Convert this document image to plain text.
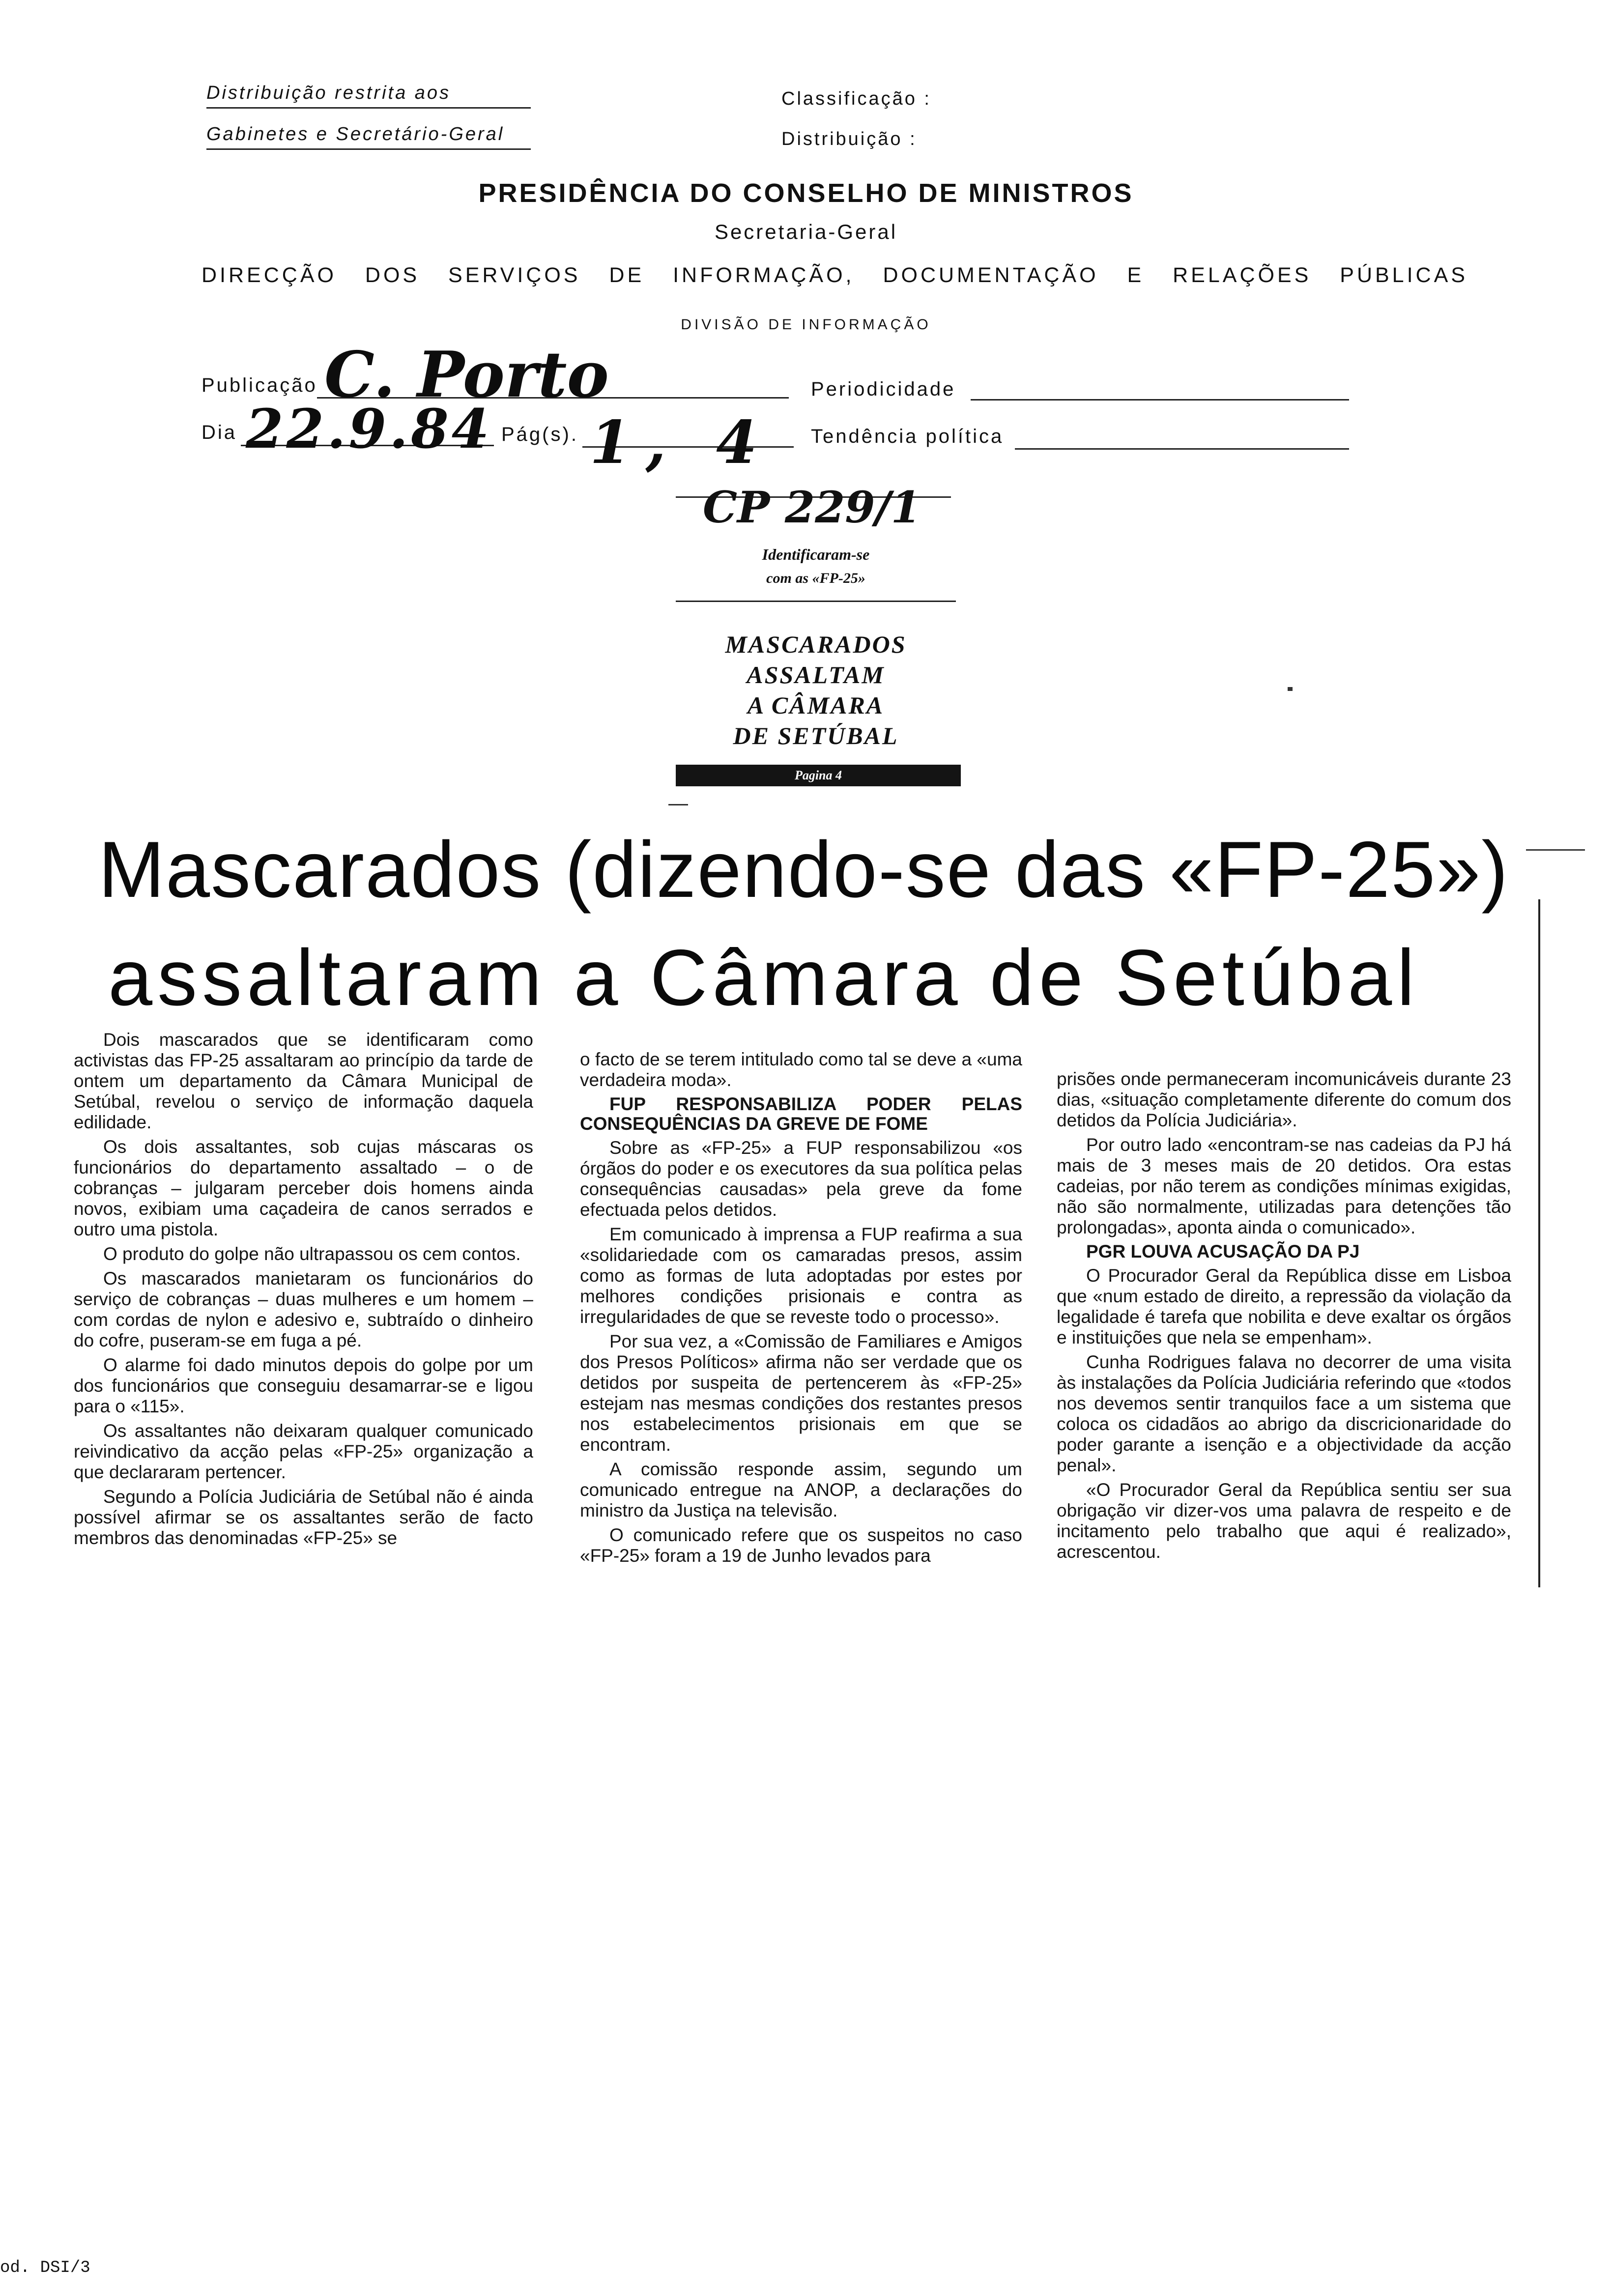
Distribuição restrita aos
Gabinetes e Secretário-Geral
Classificação :
Distribuição :
PRESIDÊNCIA DO CONSELHO DE MINISTROS
Secretaria-Geral
DIRECÇÃO DOS SERVIÇOS DE INFORMAÇÃO, DOCUMENTAÇÃO E RELAÇÕES PÚBLICAS
DIVISÃO DE INFORMAÇÃO
Publicação C. Porto	Periodicidade
Dia 22.9.84 Pág(s). 1, 4 Tendência política
CP 229/1
Identificaram-se
com as «FP-25»
MASCARADOS
ASSALTAM
A CÂMARA
DE SETÚBAL
Pagina 4
Mascarados (dizendo-se das «FP-25»)
assaltaram a Câmara de Setúbal

Dois mascarados que se identificaram como activistas das FP-25 assaltaram ao princípio da tarde de ontem um departamento da Câmara Municipal de Setúbal, revelou o serviço de informação daquela edilidade.

Os dois assaltantes, sob cujas máscaras os funcionários do departamento assaltado – o de cobranças – julgaram perceber dois homens ainda novos, exibiam uma caçadeira de canos serrados e outro uma pistola.

O produto do golpe não ultrapassou os cem contos.

Os mascarados manietaram os funcionários do serviço de cobranças – duas mulheres e um homem – com cordas de nylon e adesivo e, subtraído o dinheiro do cofre, puseram-se em fuga a pé.

O alarme foi dado minutos depois do golpe por um dos funcionários que conseguiu desamarrar-se e ligou para o «115».

Os assaltantes não deixaram qualquer comunicado reivindicativo da acção pelas «FP-25» organização a que declararam pertencer.

Segundo a Polícia Judiciária de Setúbal não é ainda possível afirmar se os assaltantes serão de facto membros das denominadas «FP-25» se

o facto de se terem intitulado como tal se deve a «uma verdadeira moda».

FUP RESPONSABILIZA PODER PELAS CONSEQUÊNCIAS DA GREVE DE FOME

Sobre as «FP-25» a FUP responsabilizou «os órgãos do poder e os executores da sua política pelas consequências causadas» pela greve da fome efectuada pelos detidos.

Em comunicado à imprensa a FUP reafirma a sua «solidariedade com os camaradas presos, assim como as formas de luta adoptadas por estes por melhores condições prisionais e contra as irregularidades de que se reveste todo o processo».

Por sua vez, a «Comissão de Familiares e Amigos dos Presos Políticos» afirma não ser verdade que os detidos por suspeita de pertencerem às «FP-25» estejam nas mesmas condições dos restantes presos nos estabelecimentos prisionais em que se encontram.

A comissão responde assim, segundo um comunicado entregue na ANOP, a declarações do ministro da Justiça na televisão.

O comunicado refere que os suspeitos no caso «FP-25» foram a 19 de Junho levados para

prisões onde permaneceram incomunicáveis durante 23 dias, «situação completamente diferente do comum dos detidos da Polícia Judiciária».

Por outro lado «encontram-se nas cadeias da PJ há mais de 3 meses mais de 20 detidos. Ora estas cadeias, por não terem as condições mínimas exigidas, não são normalmente, utilizadas para detenções tão prolongadas», aponta ainda o comunicado».

PGR LOUVA ACUSAÇÃO DA PJ

O Procurador Geral da República disse em Lisboa que «num estado de direito, a repressão da violação da legalidade é tarefa que nobilita e deve exaltar os órgãos e instituições que nela se empenham».

Cunha Rodrigues falava no decorrer de uma visita às instalações da Polícia Judiciária referindo que «todos nos devemos sentir tranquilos face a um sistema que coloca os cidadãos ao abrigo da discricionaridade do poder garante a isenção e a objectividade da acção penal».

«O Procurador Geral da República sentiu ser sua obrigação vir dizer-vos uma palavra de respeito e de incitamento pelo trabalho que aqui é realizado», acrescentou.

od. DSI/3
